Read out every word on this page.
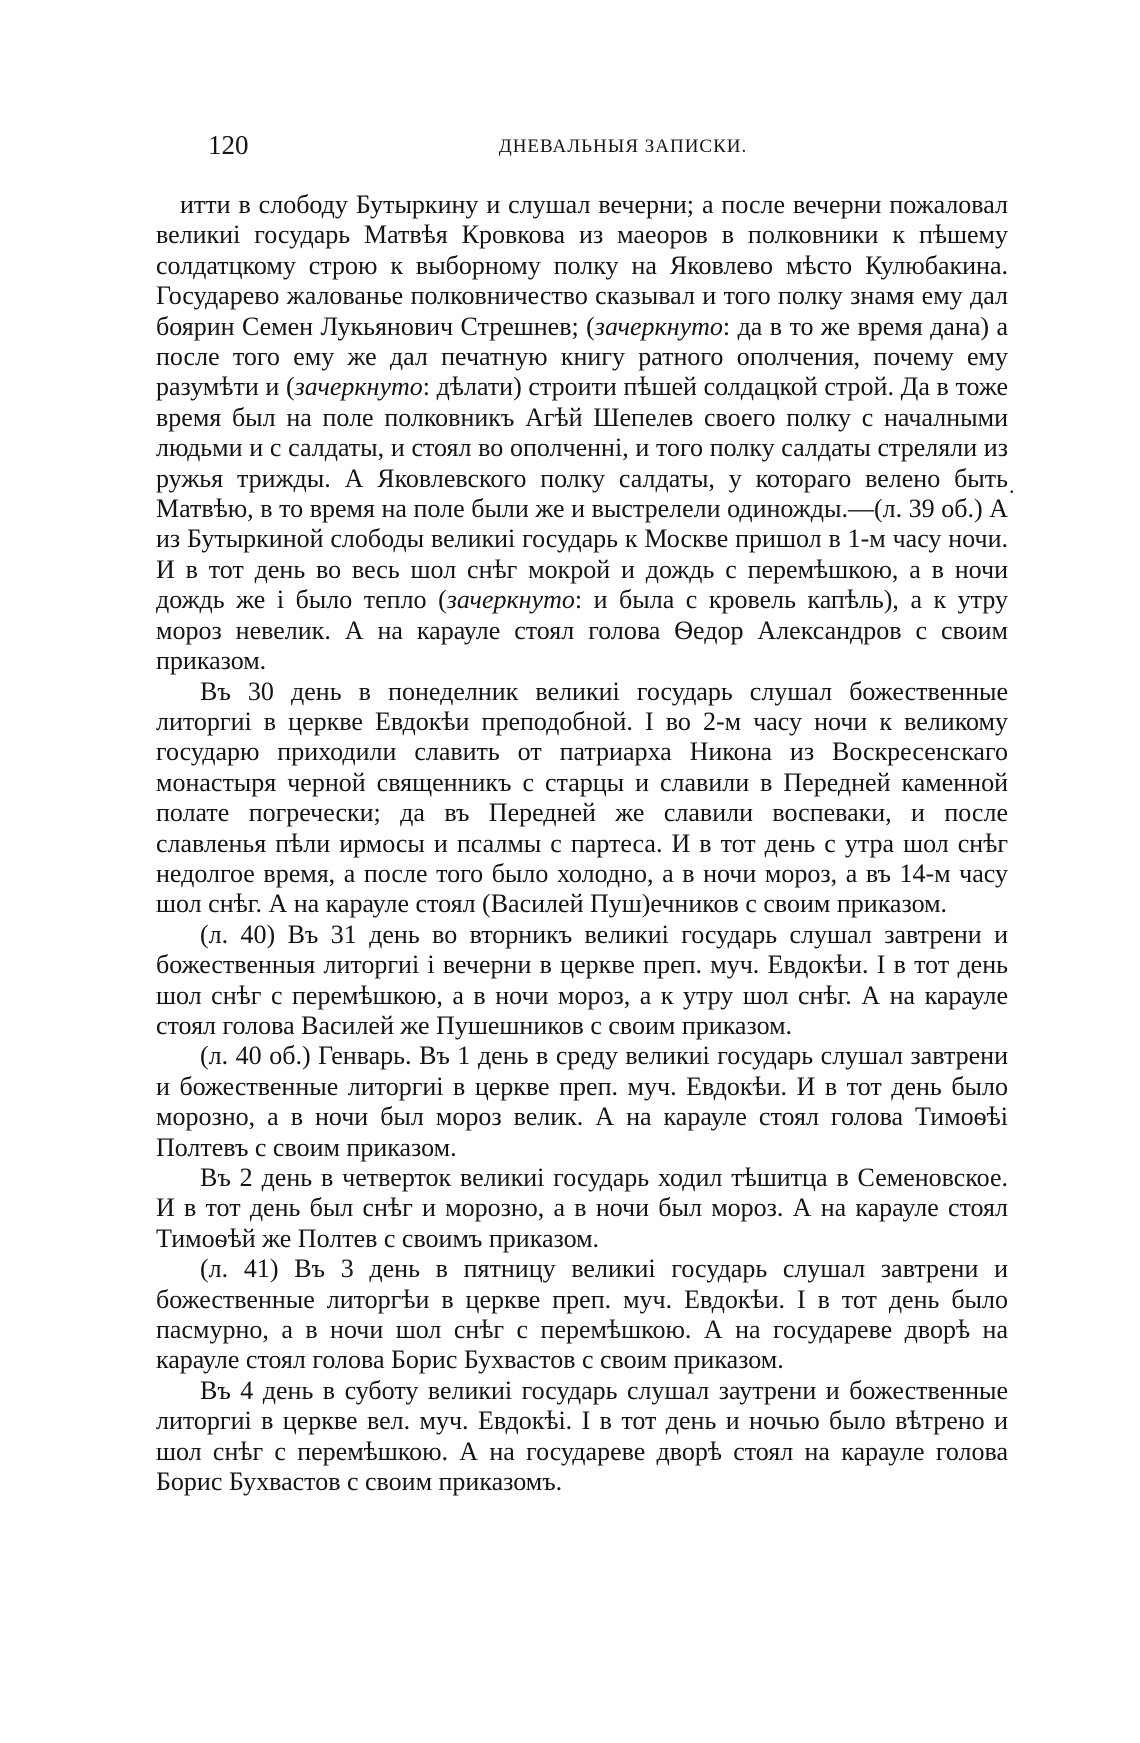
120	ДНЕВАЛЬНЫЯ ЗАПИСКИ.

итти в слободу Бутыркину и слушал вечерни; а после вечерни пожаловал великиі государь Матвѣя Кровкова из маеоров в полковники к пѣшему солдатцкому строю к выборному полку на Яковлево мѣсто Кулюбакина. Государево жалованье полковничество сказывал и того полку знамя ему дал боярин Семен Лукьянович Стрешнев; (зачеркнуто: да в то же время дана) а после того ему же дал печатную книгу ратного ополчения, почему ему разумѣти и (зачеркнуто: дѣлати) строити пѣшей солдацкой строй. Да в тоже время был на поле полковникъ Агѣй Шепелев своего полку с началными людьми и с салдаты, и стоял во ополченні, и того полку салдаты стреляли из ружья трижды. А Яковлевского полку салдаты, у котораго велено быть Матвѣю, в то время на поле были же и выстрелели одиножды.—(л. 39 об.) А из Бутыркиной слободы великиі государь к Москве пришол в 1-м часу ночи. И в тот день во весь шол снѣг мокрой и дождь с перемѣшкою, а в ночи дождь же і было тепло (зачеркнуто: и была с кровель капѣль), а к утру мороз невелик. А на карауле стоял голова Ѳедор Александров с своим приказом.

Въ 30 день в понеделник великиі государь слушал божественные литоргиі в церкве Евдокѣи преподобной. І во 2-м часу ночи к великому государю приходили славить от патриарха Никона из Воскресенскаго монастыря черной священникъ с старцы и славили в Передней каменной полате погречески; да въ Передней же славили воспеваки, и после славленья пѣли ирмосы и псалмы с партеса. И в тот день с утра шол снѣг недолгое время, а после того было холодно, а в ночи мороз, а въ 14-м часу шол снѣг. А на карауле стоял (Василей Пуш)ечников с своим приказом.

(л. 40) Въ 31 день во вторникъ великиі государь слушал завтрени и божественныя литоргиі і вечерни в церкве преп. муч. Евдокѣи. І в тот день шол снѣг с перемѣшкою, а в ночи мороз, а к утру шол снѣг. А на карауле стоял голова Василей же Пушешников с своим приказом.

(л. 40 об.) Генварь. Въ 1 день в среду великиі государь слушал завтрени и божественные литоргиі в церкве преп. муч. Евдокѣи. И в тот день было морозно, а в ночи был мороз велик. А на карауле стоял голова Тимоѳѣі Полтевъ с своим приказом.

Въ 2 день в четверток великиі государь ходил тѣшитца в Семеновское. И в тот день был снѣг и морозно, а в ночи был мороз. А на карауле стоял Тимоѳѣй же Полтев с своимъ приказом.

(л. 41) Въ 3 день в пятницу великиі государь слушал завтрени и божественные литоргѣи в церкве преп. муч. Евдокѣи. І в тот день было пасмурно, а в ночи шол снѣг с перемѣшкою. А на государеве дворѣ на карауле стоял голова Борис Бухвастов с своим приказом.

Въ 4 день в суботу великиі государь слушал заутрени и божественные литоргиі в церкве вел. муч. Евдокѣі. І в тот день и ночью было вѣтрено и шол снѣг с перемѣшкою. А на государеве дворѣ стоял на карауле голова Борис Бухвастов с своим приказомъ.

.
